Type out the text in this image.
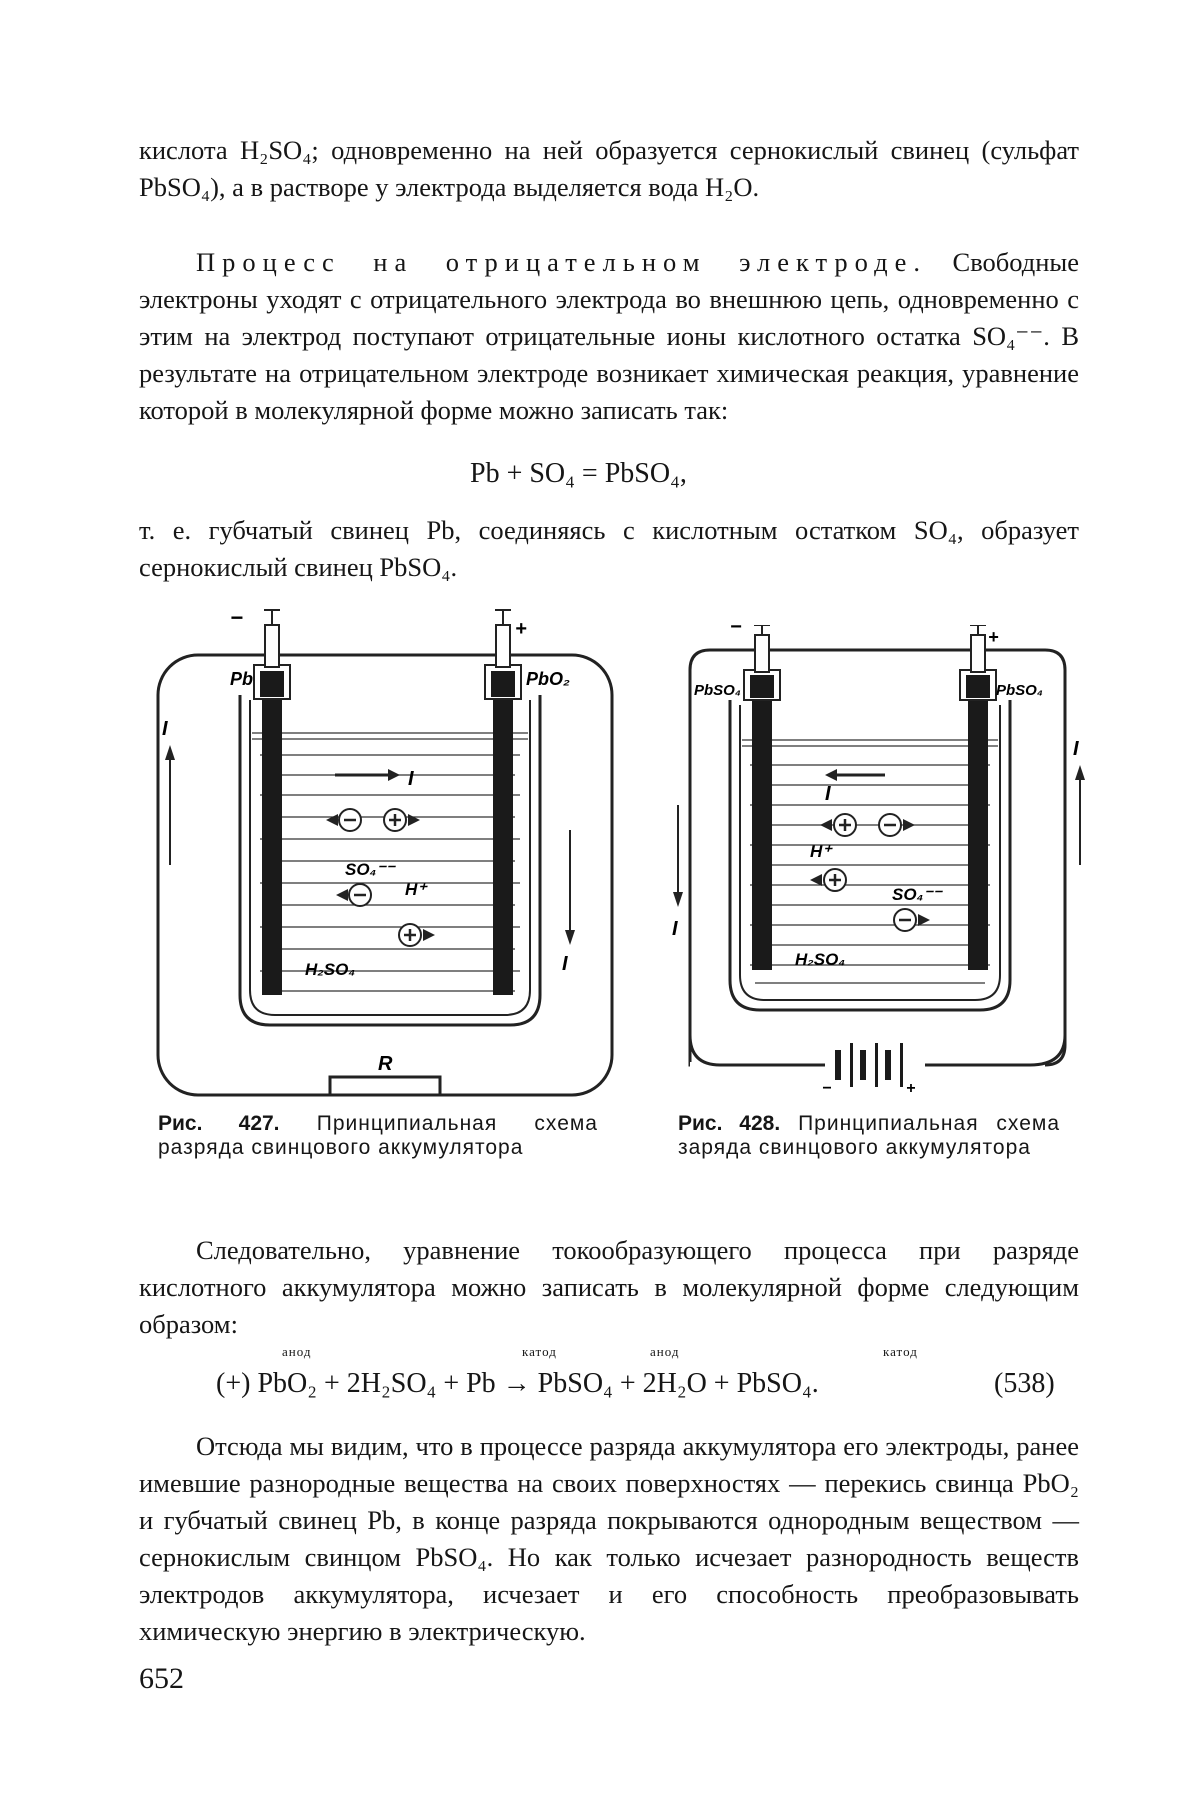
кислота H₂SO₄; одновременно на ней образуется сернокислый свинец (сульфат PbSO₄), а в растворе у электрода выделяется вода H₂O.

Процесс на отрицательном электроде. Свободные электроны уходят с отрицательного электрода во внешнюю цепь, одновременно с этим на электрод поступают отрицательные ионы кислотного остатка SO₄⁻⁻. В результате на отрицательном электроде возникает химическая реакция, уравнение которой в молекулярной форме можно записать так:

Pb + SO₄ = PbSO₄,

т. е. губчатый свинец Pb, соединяясь с кислотным остатком SO₄, образует сернокислый свинец PbSO₄.

−	+
Pb	PbO₂
I
I
I
SO₄⁻⁻
H⁺
H₂SO₄
R
−	+
PbSO₄	PbSO₄
I
I
I
H⁺
SO₄⁻⁻
H₂SO₄
−	+
Рис. 427. Принципиальная схема разряда свинцового аккумулятора
Рис. 428. Принципиальная схема заряда свинцового аккумулятора

Следовательно, уравнение токообразующего процесса при разряде кислотного аккумулятора можно записать в молекулярной форме следующим образом:

анод	катод	анод	катод
(+) PbO₂ + 2H₂SO₄ + Pb → PbSO₄ + 2H₂O + PbSO₄.	(538)

Отсюда мы видим, что в процессе разряда аккумулятора его электроды, ранее имевшие разнородные вещества на своих поверхностях — перекись свинца PbO₂ и губчатый свинец Pb, в конце разряда покрываются однородным веществом — сернокислым свинцом PbSO₄. Но как только исчезает разнородность веществ электродов аккумулятора, исчезает и его способность преобразовывать химическую энергию в электрическую.

652
